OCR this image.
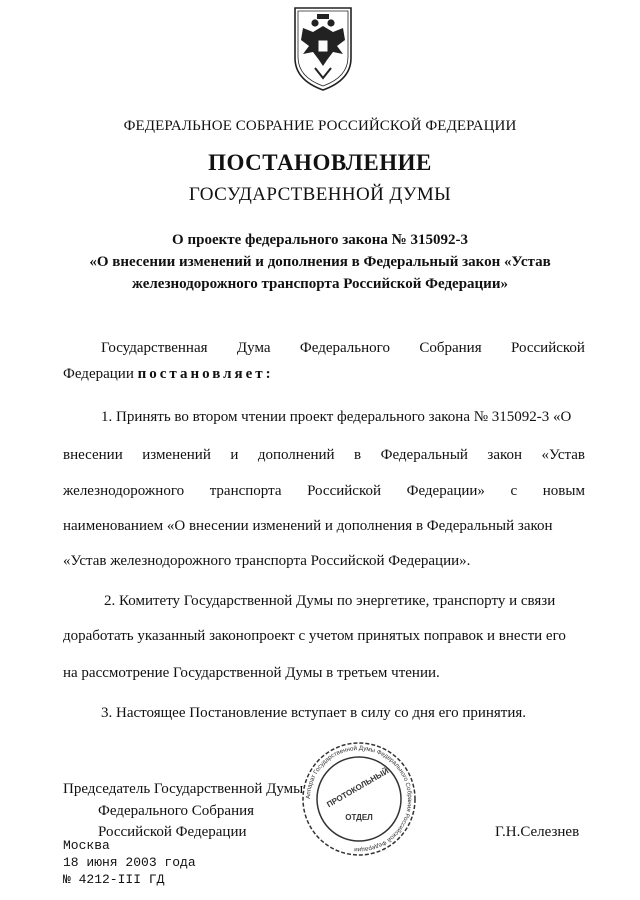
ФЕДЕРАЛЬНОЕ СОБРАНИЕ РОССИЙСКОЙ ФЕДЕРАЦИИ
ПОСТАНОВЛЕНИЕ
ГОСУДАРСТВЕННОЙ ДУМЫ
О проекте федерального закона № 315092-3
«О внесении изменений и дополнения в Федеральный закон «Устав
железнодорожного транспорта Российской Федерации»
Государственная Дума Федерального Собрания Российской
Федерации постановляет:
1. Принять во втором чтении проект федерального закона № 315092-3 «О
внесении изменений и дополнений в Федеральный закон «Устав
железнодорожного транспорта Российской Федерации» с новым
наименованием «О внесении изменений и дополнения в Федеральный закон
«Устав железнодорожного транспорта Российской Федерации».
2. Комитету Государственной Думы по энергетике, транспорту и связи
доработать указанный законопроект с учетом принятых поправок и внести его
на рассмотрение Государственной Думы в третьем чтении.
3. Настоящее Постановление вступает в силу со дня его принятия.
Председатель Государственной Думы
Федерального Собрания
Российской Федерации	Г.Н.Селезнев
Аппарат Государственной Думы Федерального Собрания Российской Федерации
ПРОТОКОЛЬНЫЙ
ОТДЕЛ
Москва
18 июня 2003 года
№ 4212-III ГД
